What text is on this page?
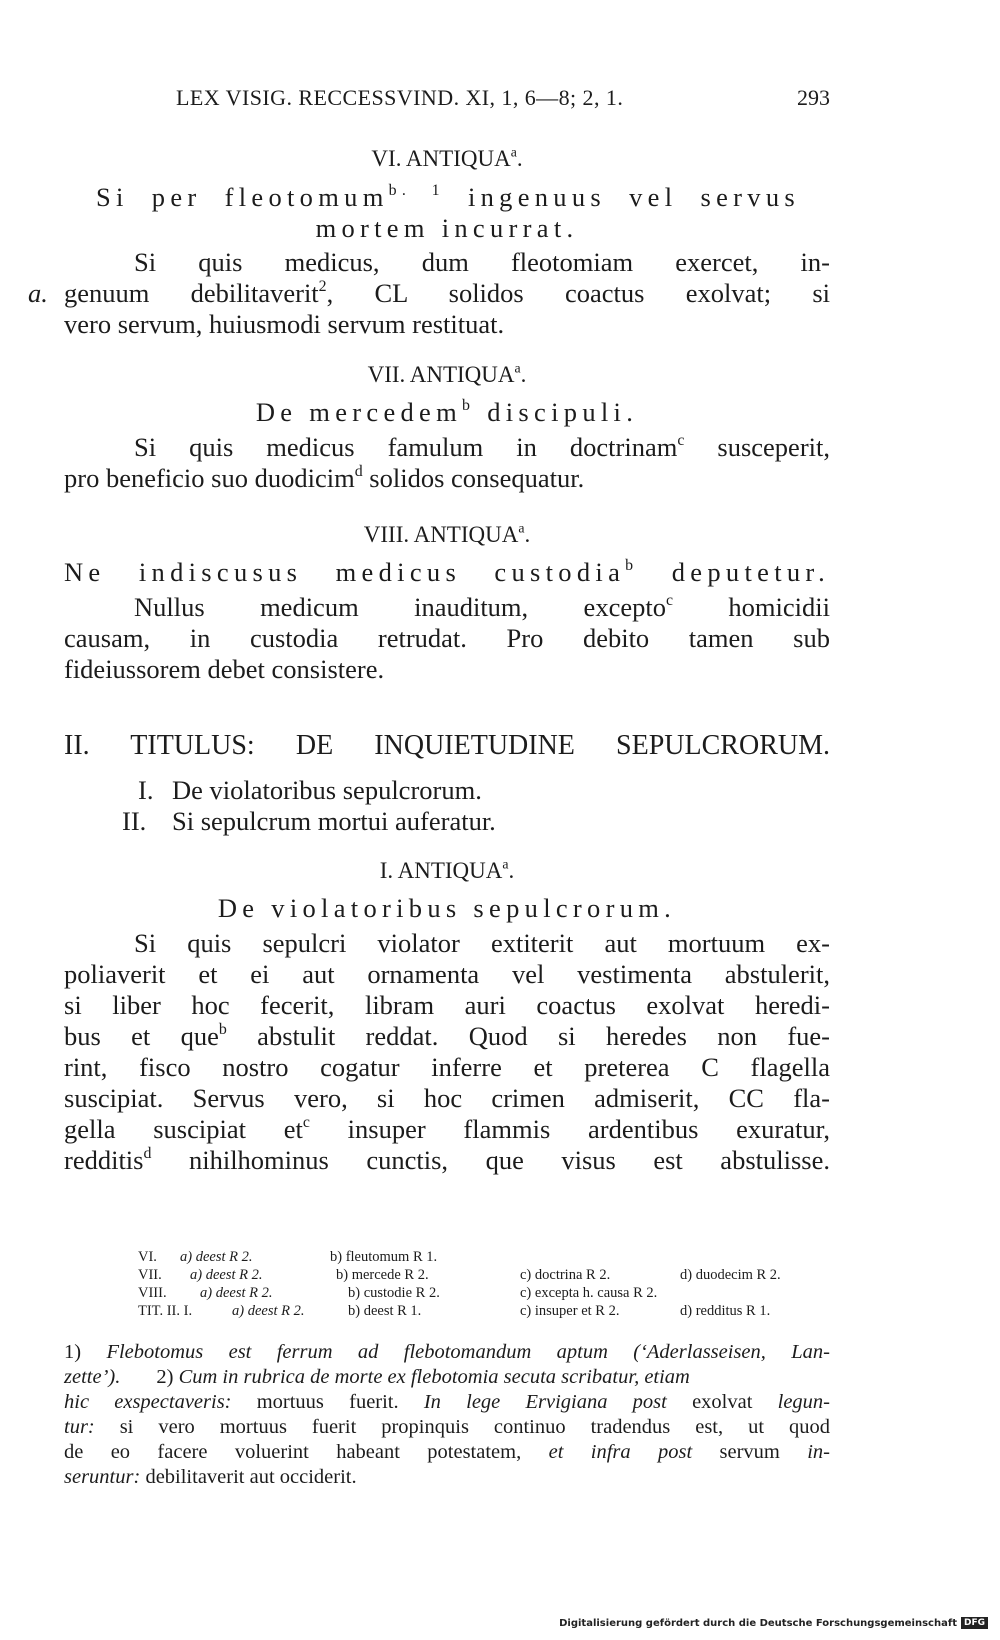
LEX VISIG. RECCESSVIND. XI, 1, 6—8; 2, 1.	293
VI. ANTIQUA$^a$.
Si per fleotomum$^{b. 1}$ ingenuus vel servus
mortem incurrat.
Si quis medicus, dum fleotomiam exercet, in-
a. genuum debilitaverit$^2$, CL solidos coactus exolvat; si
vero servum, huiusmodi servum restituat.
VII. ANTIQUA$^a$.
De mercedem$^b$ discipuli.
Si quis medicus famulum in doctrinam$^c$ susceperit,
pro beneficio suo duodicim$^d$ solidos consequatur.
VIII. ANTIQUA$^a$.
Ne indiscusus medicus custodia$^b$ deputetur.
Nullus medicum inauditum, excepto$^c$ homicidii
causam, in custodia retrudat. Pro debito tamen sub
fideiussorem debet consistere.
II. TITULUS: DE INQUIETUDINE SEPULCRORUM.
I. De violatoribus sepulcrorum.
II. Si sepulcrum mortui auferatur.
I. ANTIQUA$^a$.
De violatoribus sepulcrorum.
Si quis sepulcri violator extiterit aut mortuum ex-
poliaverit et ei aut ornamenta vel vestimenta abstulerit,
si liber hoc fecerit, libram auri coactus exolvat heredi-
bus et que$^b$ abstulit reddat. Quod si heredes non fue-
rint, fisco nostro cogatur inferre et preterea C flagella
suscipiat. Servus vero, si hoc crimen admiserit, CC fla-
gella suscipiat $et^c$ insuper flammis ardentibus exuratur,
redditis$^d$ nihilhominus cunctis, que visus est abstulisse.
VI. a) deest R 2.	b) fleutomum R 1.
VII. a) deest R 2.	b) mercede R 2.	c) doctrina R 2.	d) duodecim R 2.
VIII. a) deest R 2.	b) custodie R 2.	c) excepta h. causa R 2.
TIT. II. I.	a) deest R 2.	b) deest R 1.	c) insuper et R 2.	d) redditus R 1.
1) Flebotomus est ferrum ad flebotomandum aptum (‘Aderlasseisen, Lan-
zette’). 2) Cum in rubrica de morte ex flebotomia secuta scribatur, etiam
hic exspectaveris: mortuus fuerit. In lege Ervigiana post exolvat legun-
tur: si vero mortuus fuerit propinquis continuo tradendus est, ut quod
de eo facere voluerint habeant potestatem, et infra post servum in-
seruntur: debilitaverit aut occiderit.
Digitalisierung gefördert durch die Deutsche Forschungsgemeinschaft DFG
